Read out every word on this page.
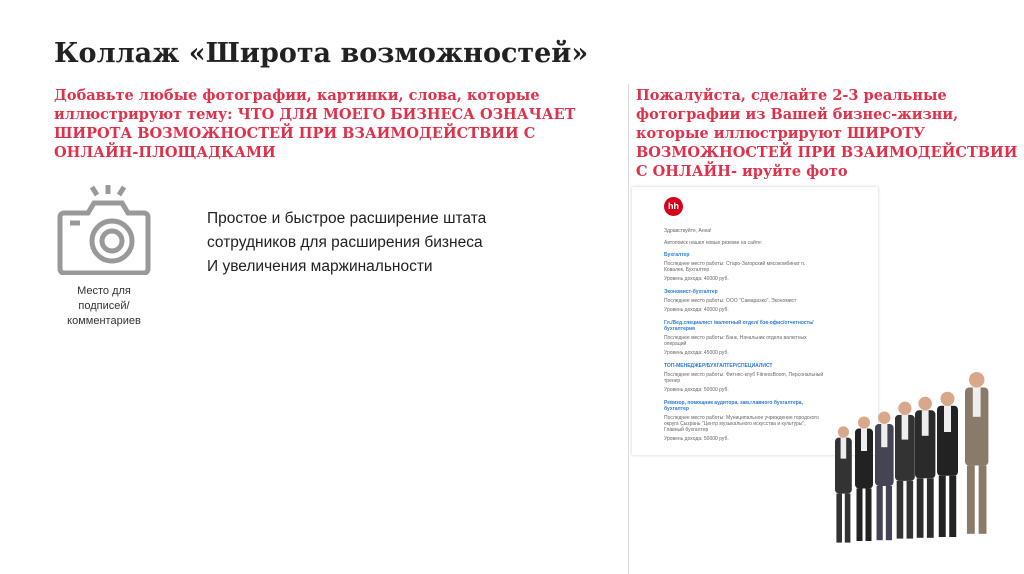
Коллаж «Широта возможностей»
Добавьте любые фотографии, картинки, слова, которые иллюстрируют тему: ЧТО ДЛЯ МОЕГО БИЗНЕСА ОЗНАЧАЕТ ШИРОТА ВОЗМОЖНОСТЕЙ ПРИ ВЗАИМОДЕЙСТВИИ С ОНЛАЙН-ПЛОЩАДКАМИ
Пожалуйста, сделайте 2-3 реальные фотографии из Вашей бизнес-жизни, которые иллюстрируют ШИРОТУ ВОЗМОЖНОСТЕЙ ПРИ ВЗАИМОДЕЙСТВИИ С ОНЛАЙН- ируйте фото
hh

Здравствуйте, Анна!

Автопоиск нашел новые резюме на сайте:

Бухгалтер
Последнее место работы: Старо-Загорский мясокомбинат п. Ковалек, Бухгалтер
Уровень дохода: 40000 руб.
Экономист-бухгалтер
Последнее место работы: ООО "Самараэко", Экономист
Уровень дохода: 40000 руб.
Гл./Вед.специалист /валютный отдел/ бэк-офис/отчетность/бухгалтерия
Последнее место работы: Банк, Начальник отдела валютных операций
Уровень дохода: 45000 руб.
ТОП-МЕНЕДЖЕР/БУХГАЛТЕР/СПЕЦИАЛИСТ
Последнее место работы: Фитнес-клуб FitnessBoom, Персональный тренер
Уровень дохода: 50000 руб.
Ревизор, помощник аудитора, зам.главного бухгалтера, бухгалтер
Последнее место работы: Муниципальное учреждение городского округа Сызрань "Центр музыкального искусства и культуры", Главный бухгалтер
Уровень дохода: 50000 руб.
Место для подписей/ комментариев
Простое и быстрое расширение штата
сотрудников для расширения бизнеса
И увеличения маржинальности
